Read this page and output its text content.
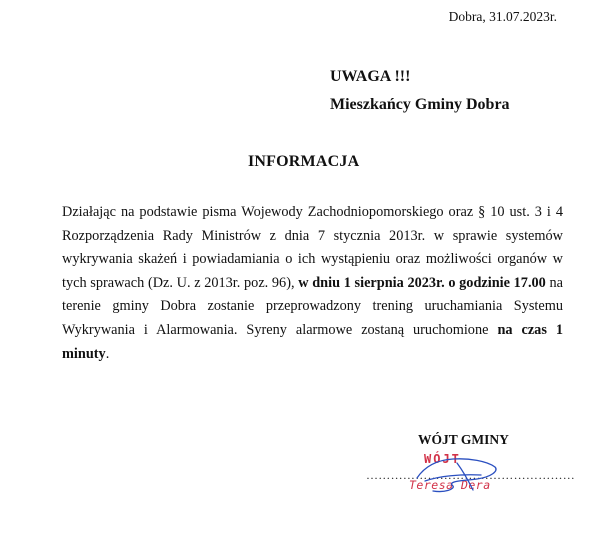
Dobra, 31.07.2023r.
UWAGA !!!
Mieszkańcy Gminy Dobra
INFORMACJA
Działając na podstawie pisma Wojewody Zachodniopomorskiego oraz § 10 ust. 3 i 4 Rozporządzenia Rady Ministrów z dnia 7 stycznia 2013r. w sprawie systemów wykrywania skażeń i powiadamiania o ich wystąpieniu oraz możliwości organów w tych sprawach (Dz. U. z 2013r. poz. 96), w dniu 1 sierpnia 2023r. o godzinie 17.00 na terenie gminy Dobra zostanie przeprowadzony trening uruchamiania Systemu Wykrywania i Alarmowania. Syreny alarmowe zostaną uruchomione na czas 1 minuty.
WÓJT GMINY
……………………………………………
WÓJT
Teresa Dera
